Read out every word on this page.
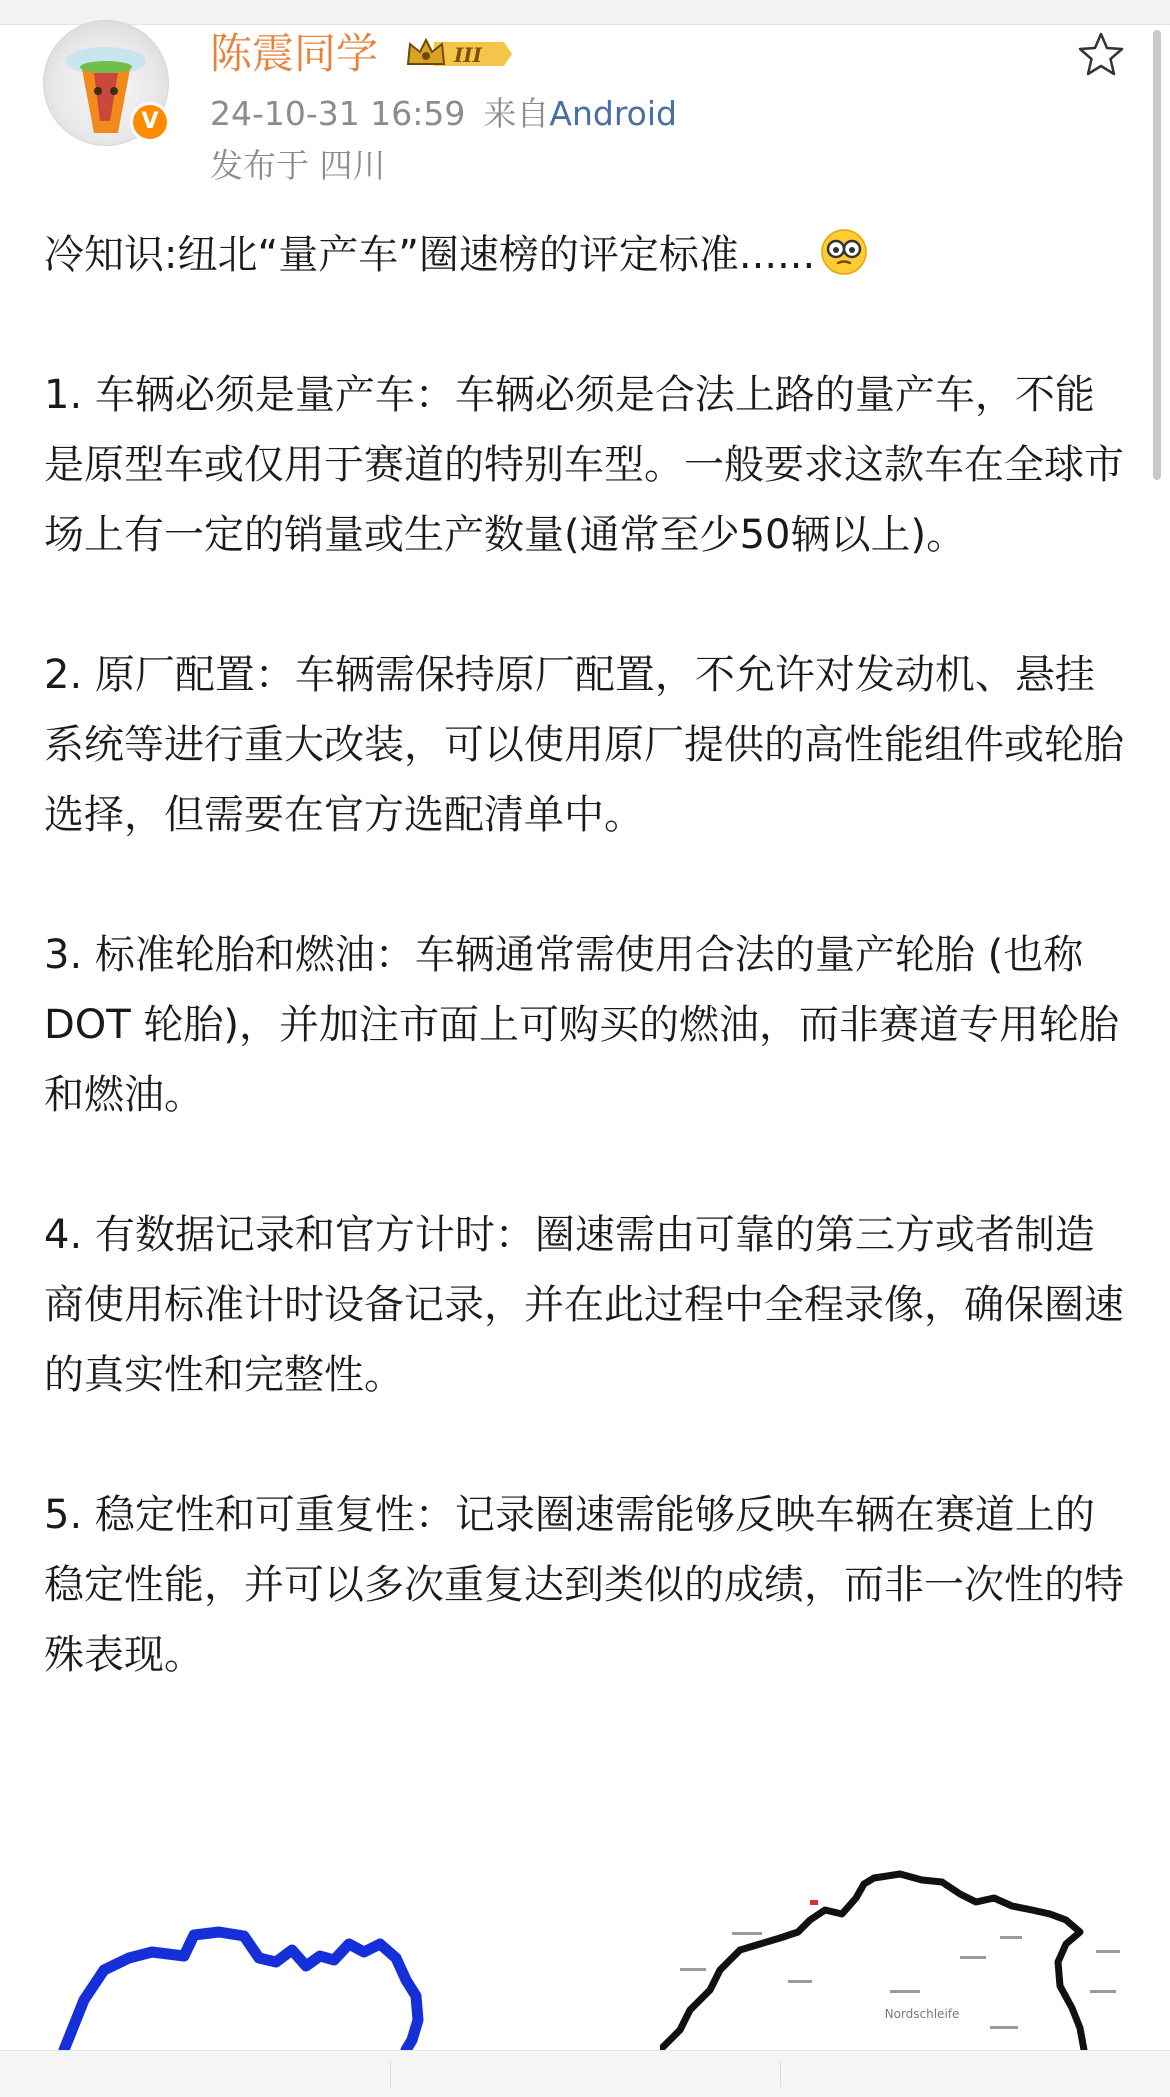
V
陈震同学	III
24-10-31 16:59 来自Android
发布于 四川

冷知识:纽北“量产车”圈速榜的评定标准......

1. 车辆必须是量产车：车辆必须是合法上路的量产车，不能是原型车或仅用于赛道的特别车型。一般要求这款车在全球市场上有一定的销量或生产数量(通常至少50辆以上)。

2. 原厂配置：车辆需保持原厂配置，不允许对发动机、悬挂系统等进行重大改装，可以使用原厂提供的高性能组件或轮胎选择，但需要在官方选配清单中。

3. 标准轮胎和燃油：车辆通常需使用合法的量产轮胎 (也称 DOT 轮胎)，并加注市面上可购买的燃油，而非赛道专用轮胎和燃油。

4. 有数据记录和官方计时：圈速需由可靠的第三方或者制造商使用标准计时设备记录，并在此过程中全程录像，确保圈速的真实性和完整性。

5. 稳定性和可重复性：记录圈速需能够反映车辆在赛道上的稳定性能，并可以多次重复达到类似的成绩，而非一次性的特殊表现。

Nordschleife
